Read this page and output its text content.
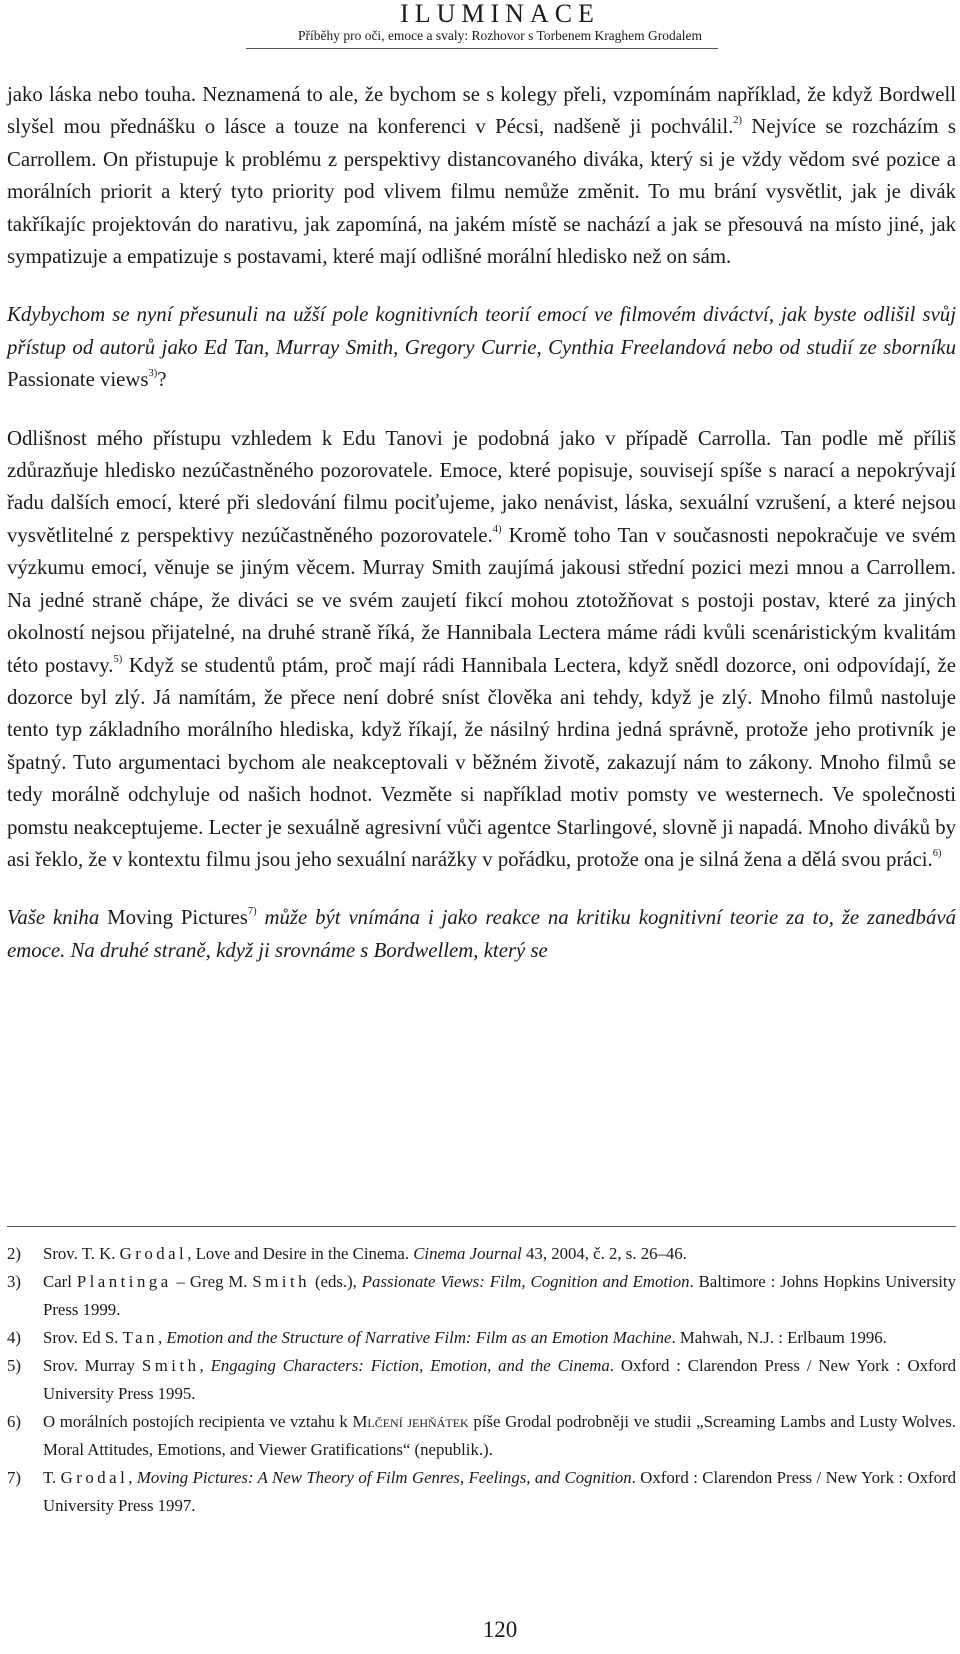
ILUMINACE
Příběhy pro oči, emoce a svaly: Rozhovor s Torbenem Kraghem Grodalem

jako láska nebo touha. Neznamená to ale, že bychom se s kolegy přeli, vzpomínám například, že když Bordwell slyšel mou přednášku o lásce a touze na konferenci v Pécsi, nadšeně ji pochválil.$^{2)}$ Nejvíce se rozcházím s Carrollem. On přistupuje k problému z perspektivy distancovaného diváka, který si je vždy vědom své pozice a morálních priorit a který tyto priority pod vlivem filmu nemůže změnit. To mu brání vysvětlit, jak je divák takříkajíc projektován do narativu, jak zapomíná, na jakém místě se nachází a jak se přesouvá na místo jiné, jak sympatizuje a empatizuje s postavami, které mají odlišné morální hledisko než on sám.

Kdybychom se nyní přesunuli na užší pole kognitivních teorií emocí ve filmovém diváctví, jak byste odlišil svůj přístup od autorů jako Ed Tan, Murray Smith, Gregory Currie, Cynthia Freelandová nebo od studií ze sborníku Passionate views$^{3)}$?

Odlišnost mého přístupu vzhledem k Edu Tanovi je podobná jako v případě Carrolla. Tan podle mě příliš zdůrazňuje hledisko nezúčastněného pozorovatele. Emoce, které popisuje, souvisejí spíše s narací a nepokrývají řadu dalších emocí, které při sledování filmu pociťujeme, jako nenávist, láska, sexuální vzrušení, a které nejsou vysvětlitelné z perspektivy nezúčastněného pozorovatele.$^{4)}$ Kromě toho Tan v současnosti nepokračuje ve svém výzkumu emocí, věnuje se jiným věcem. Murray Smith zaujímá jakousi střední pozici mezi mnou a Carrollem. Na jedné straně chápe, že diváci se ve svém zaujetí fikcí mohou ztotožňovat s postoji postav, které za jiných okolností nejsou přijatelné, na druhé straně říká, že Hannibala Lectera máme rádi kvůli scenáristickým kvalitám této postavy.$^{5)}$ Když se studentů ptám, proč mají rádi Hannibala Lectera, když snědl dozorce, oni odpovídají, že dozorce byl zlý. Já namítám, že přece není dobré sníst člověka ani tehdy, když je zlý. Mnoho filmů nastoluje tento typ základního morálního hlediska, když říkají, že násilný hrdina jedná správně, protože jeho protivník je špatný. Tuto argumentaci bychom ale neakceptovali v běžném životě, zakazují nám to zákony. Mnoho filmů se tedy morálně odchyluje od našich hodnot. Vezměte si například motiv pomsty ve westernech. Ve společnosti pomstu neakceptujeme. Lecter je sexuálně agresivní vůči agentce Starlingové, slovně ji napadá. Mnoho diváků by asi řeklo, že v kontextu filmu jsou jeho sexuální narážky v pořádku, protože ona je silná žena a dělá svou práci.$^{6)}$

Vaše kniha Moving Pictures$^{7)}$ může být vnímána i jako reakce na kritiku kognitivní teorie za to, že zanedbává emoce. Na druhé straně, když ji srovnáme s Bordwellem, který se

2) Srov. T. K. Grodal, Love and Desire in the Cinema. Cinema Journal 43, 2004, č. 2, s. 26–46.

3) Carl Plantinga – Greg M. Smith (eds.), Passionate Views: Film, Cognition and Emotion. Baltimore : Johns Hopkins University Press 1999.

4) Srov. Ed S. Tan, Emotion and the Structure of Narrative Film: Film as an Emotion Machine. Mahwah, N.J. : Erlbaum 1996.

5) Srov. Murray Smith, Engaging Characters: Fiction, Emotion, and the Cinema. Oxford : Clarendon Press / New York : Oxford University Press 1995.

6) O morálních postojích recipienta ve vztahu k Mlčení jehňátek píše Grodal podrobněji ve studii „Screaming Lambs and Lusty Wolves. Moral Attitudes, Emotions, and Viewer Gratifications“ (nepublik.).

7) T. Grodal, Moving Pictures: A New Theory of Film Genres, Feelings, and Cognition. Oxford : Clarendon Press / New York : Oxford University Press 1997.

120
